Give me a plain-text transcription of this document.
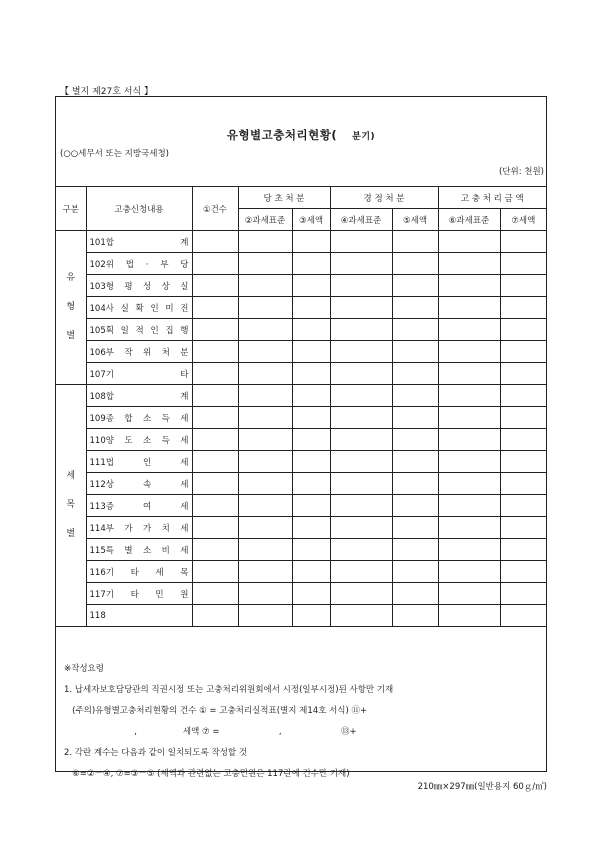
【 별지 제27호 서식 】
유형별고충처리현황( 분기)
(○○세무서 또는 지방국세청)
(단위: 천원)
구분	고충신청내용	①건수	당 초 처 분		경 정 처 분		고 충 처 리 금 액	
			②과세표준	③세액	④과세표준	⑤세액	⑥과세표준	⑦세액

유
형
별	101합 계							
	102위 법 · 부 당							
	103형 평 성 상 실							
	104사 실 확 인 미 진							
	105획 일 적 인 집 행							
	106부 작 위 처 분							
	107기 타							

세
목
별	108합 계							
	109종 합 소 득 세							
	110양 도 소 득 세							
	111법 인 세							
	112상 속 세							
	113증 여 세							
	114부 가 가 치 세							
	115특 별 소 비 세							
	116기 타 세 목							
	117기 타 민 원							
	118							
※작성요령
1. 납세자보호담당관의 직권시정 또는 고충처리위원회에서 시정(일부시정)된 사항만 기재
(주의)유형별고충처리현황의 건수 ① = 고충처리실적표(별지 제14호 서식) ⑪+
,                 세액 ⑦ =                      ,                      ⑬+
2. 각란 계수는 다음과 같이 일치되도록 작성할 것
⑥=②－④, ⑦=③－⑤ (세액과 관련없는 고충민원은 117란에 건수만 기재)
210㎜×297㎜(일반용지 60ｇ/㎡)
